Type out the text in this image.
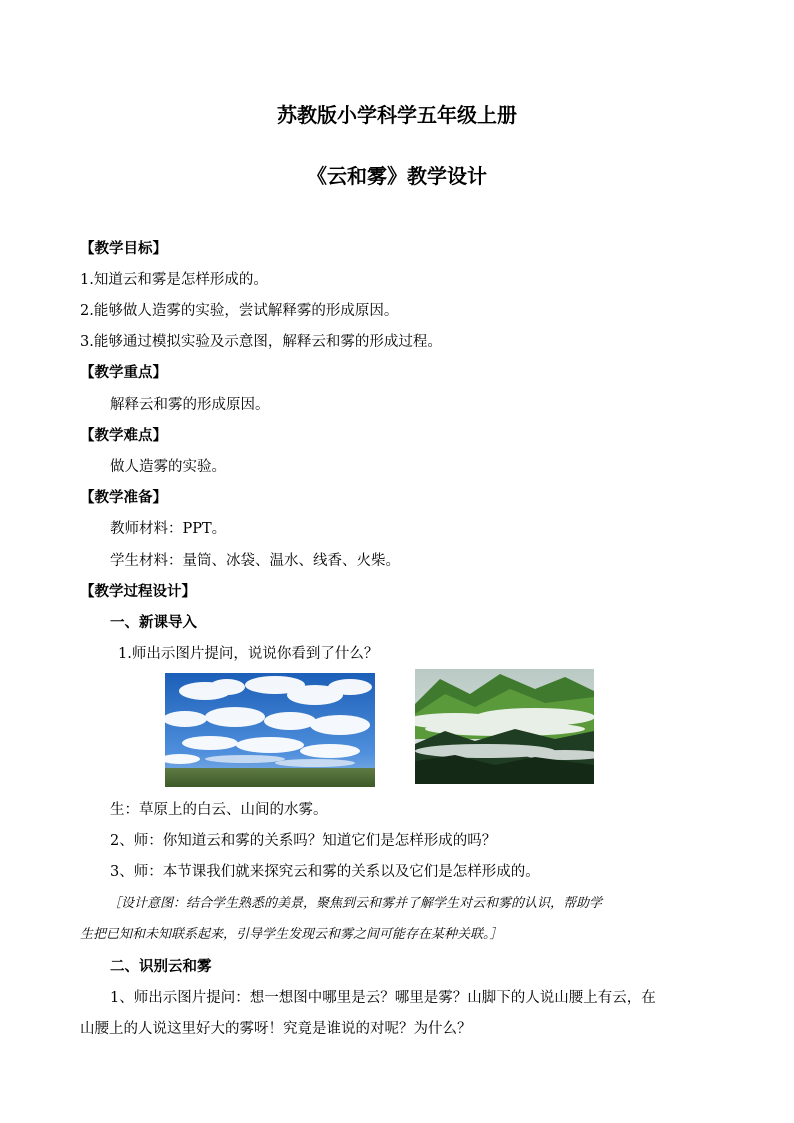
苏教版小学科学五年级上册
《云和雾》教学设计
【教学目标】
1.知道云和雾是怎样形成的。
2.能够做人造雾的实验，尝试解释雾的形成原因。
3.能够通过模拟实验及示意图，解释云和雾的形成过程。
【教学重点】
解释云和雾的形成原因。
【教学难点】
做人造雾的实验。
【教学准备】
教师材料：PPT。
学生材料：量筒、冰袋、温水、线香、火柴。
【教学过程设计】
一、新课导入
1.师出示图片提问，说说你看到了什么？
生：草原上的白云、山间的水雾。
2、师：你知道云和雾的关系吗？知道它们是怎样形成的吗？
3、师：本节课我们就来探究云和雾的关系以及它们是怎样形成的。
［设计意图：结合学生熟悉的美景，聚焦到云和雾并了解学生对云和雾的认识，帮助学
生把已知和未知联系起来，引导学生发现云和雾之间可能存在某种关联。］
二、识别云和雾
1、师出示图片提问：想一想图中哪里是云？哪里是雾？山脚下的人说山腰上有云，在
山腰上的人说这里好大的雾呀！究竟是谁说的对呢？为什么？
